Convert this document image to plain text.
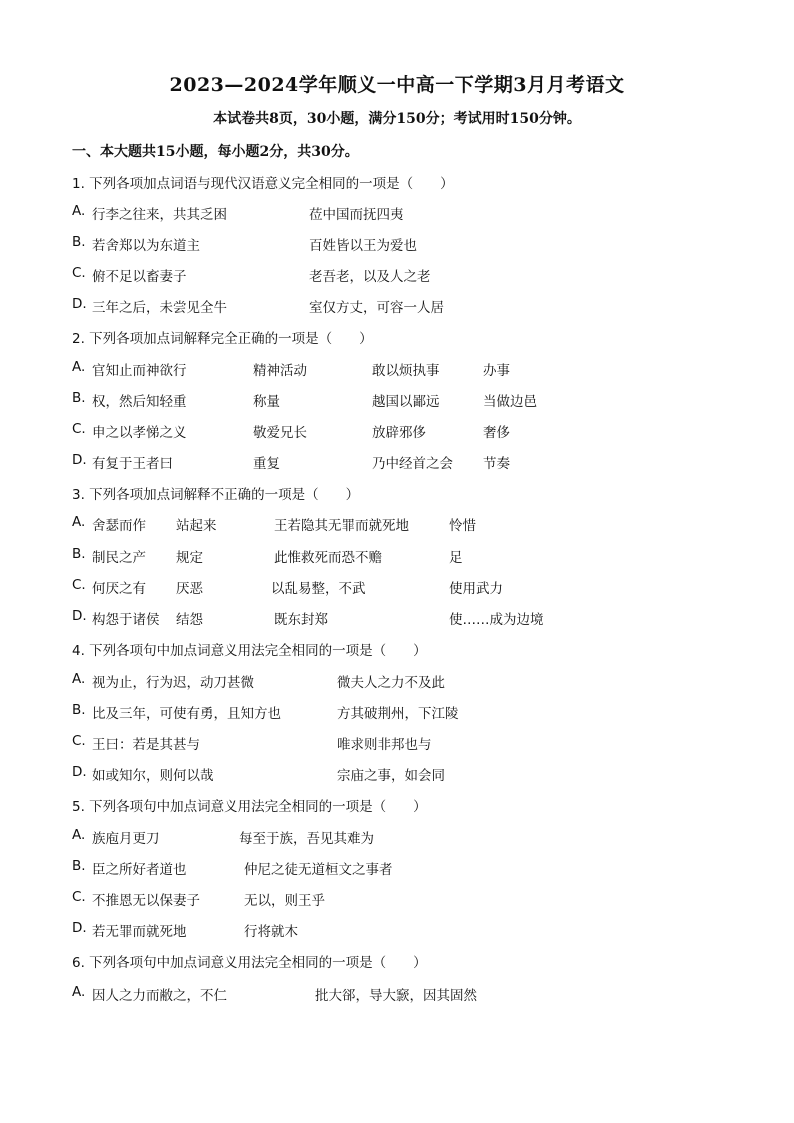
2023—2024学年顺义一中高一下学期3月月考语文
本试卷共8页，30小题，满分150分；考试用时150分钟。
一、本大题共15小题，每小题2分，共30分。
1. 下列各项加点词语与现代汉语意义完全相同的一项是（　　）
A. 行李之往来，共其乏困	莅中国而抚四夷
B. 若舍郑以为东道主	百姓皆以王为爱也
C. 俯不足以畜妻子	老吾老，以及人之老
D. 三年之后，未尝见全牛	室仅方丈，可容一人居
2. 下列各项加点词解释完全正确的一项是（　　）
A. 官知止而神欲行	精神活动	敢以烦执事	办事
B. 权，然后知轻重	称量	越国以鄙远	当做边邑
C. 申之以孝悌之义	敬爱兄长	放辟邪侈	奢侈
D. 有复于王者曰	重复	乃中经首之会 节奏
3. 下列各项加点词解释不正确的一项是（　　）
A. 舍瑟而作 站起来	王若隐其无罪而就死地	怜惜
B. 制民之产 规定	此惟救死而恐不赡	足
C. 何厌之有 厌恶	以乱易整，不武	使用武力
D. 构怨于诸侯 结怨	既东封郑	使……成为边境
4. 下列各项句中加点词意义用法完全相同的一项是（　　）
A. 视为止，行为迟，动刀甚微	微夫人之力不及此
B. 比及三年，可使有勇，且知方也	方其破荆州，下江陵
C. 王曰：若是其甚与	唯求则非邦也与
D. 如或知尔，则何以哉	宗庙之事，如会同
5. 下列各项句中加点词意义用法完全相同的一项是（　　）
A. 族庖月更刀	每至于族，吾见其难为
B. 臣之所好者道也	仲尼之徒无道桓文之事者
C. 不推恩无以保妻子	无以，则王乎
D. 若无罪而就死地	行将就木
6. 下列各项句中加点词意义用法完全相同的一项是（　　）
A. 因人之力而敝之，不仁	批大郤，导大窾，因其固然
